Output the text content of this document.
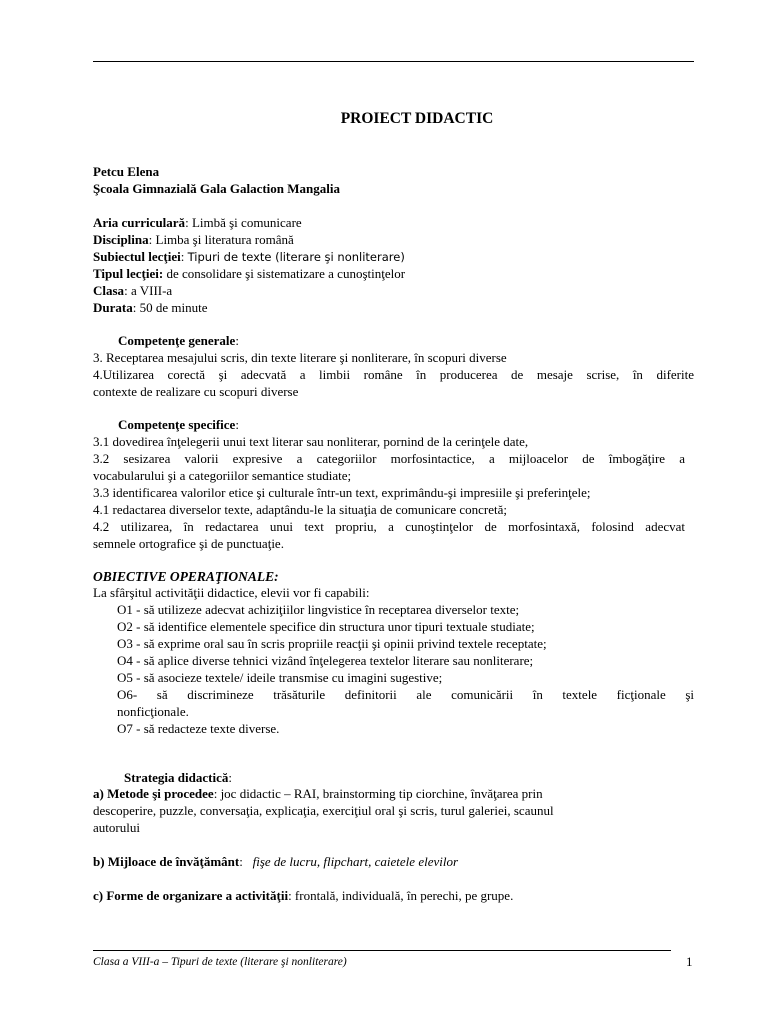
PROIECT DIDACTIC
Petcu Elena
Şcoala Gimnazială Gala Galaction Mangalia
Aria curriculară: Limbă şi comunicare
Disciplina: Limba şi literatura română
Subiectul lecţiei: Tipuri de texte (literare şi nonliterare)
Tipul lecţiei: de consolidare şi sistematizare a cunoştinţelor
Clasa: a VIII-a
Durata: 50 de minute
Competenţe generale:
3. Receptarea mesajului scris, din texte literare şi nonliterare, în scopuri diverse
4.Utilizarea corectă şi adecvată a limbii române în producerea de mesaje scrise, în diferite
contexte de realizare cu scopuri diverse
Competenţe specifice:
3.1 dovedirea înţelegerii unui text literar sau nonliterar, pornind de la cerinţele date,
3.2 sesizarea valorii expresive a categoriilor morfosintactice, a mijloacelor de îmbogăţire a
vocabularului şi a categoriilor semantice studiate;
3.3 identificarea valorilor etice şi culturale într-un text, exprimându-şi impresiile şi preferinţele;
4.1 redactarea diverselor texte, adaptându-le la situaţia de comunicare concretă;
4.2 utilizarea, în redactarea unui text propriu, a cunoştinţelor de morfosintaxă, folosind adecvat
semnele ortografice şi de punctuaţie.
OBIECTIVE OPERAŢIONALE:
La sfârşitul activităţii didactice, elevii vor fi capabili:
O1 - să utilizeze adecvat achiziţiilor lingvistice în receptarea diverselor texte;
O2 - să identifice elementele specifice din structura unor tipuri textuale studiate;
O3 - să exprime oral sau în scris propriile reacţii şi opinii privind textele receptate;
O4 - să aplice diverse tehnici vizând înţelegerea textelor literare sau nonliterare;
O5 - să asocieze textele/ ideile transmise cu imagini sugestive;
O6- să discrimineze trăsăturile definitorii ale comunicării în textele ficţionale şi
nonficţionale.
O7 - să redacteze texte diverse.
Strategia didactică:
a) Metode şi procedee: joc didactic – RAI, brainstorming tip ciorchine, învăţarea prin
descoperire, puzzle, conversaţia, explicaţia, exerciţiul oral şi scris, turul galeriei, scaunul
autorului
b) Mijloace de învăţământ:   fişe de lucru, flipchart, caietele elevilor
c) Forme de organizare a activităţii: frontală, individuală, în perechi, pe grupe.
Clasa a VIII-a – Tipuri de texte (literare şi nonliterare)	1
